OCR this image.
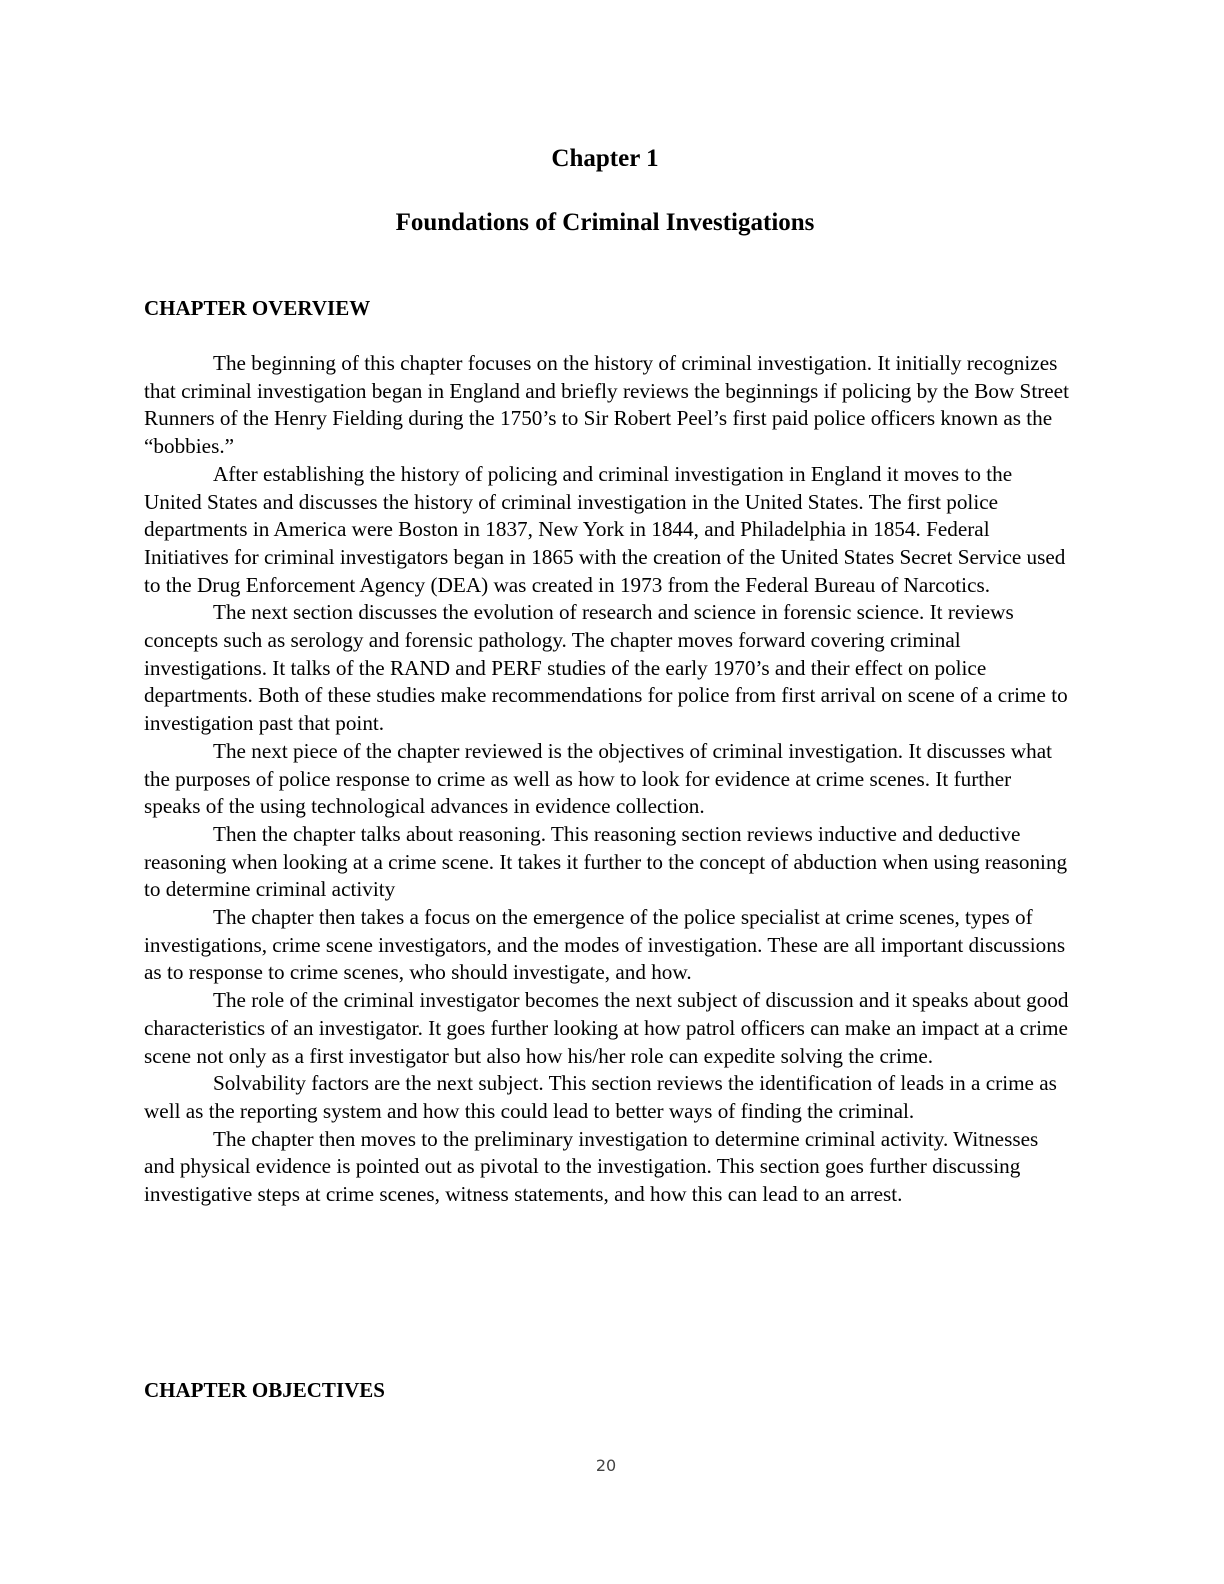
Chapter 1
Foundations of Criminal Investigations
CHAPTER OVERVIEW

The beginning of this chapter focuses on the history of criminal investigation. It initially recognizes that criminal investigation began in England and briefly reviews the beginnings if policing by the Bow Street Runners of the Henry Fielding during the 1750’s to Sir Robert Peel’s first paid police officers known as the “bobbies.”

After establishing the history of policing and criminal investigation in England it moves to the United States and discusses the history of criminal investigation in the United States. The first police departments in America were Boston in 1837, New York in 1844, and Philadelphia in 1854. Federal Initiatives for criminal investigators began in 1865 with the creation of the United States Secret Service used to the Drug Enforcement Agency (DEA) was created in 1973 from the Federal Bureau of Narcotics.

The next section discusses the evolution of research and science in forensic science. It reviews concepts such as serology and forensic pathology. The chapter moves forward covering criminal investigations. It talks of the RAND and PERF studies of the early 1970’s and their effect on police departments. Both of these studies make recommendations for police from first arrival on scene of a crime to investigation past that point.

The next piece of the chapter reviewed is the objectives of criminal investigation. It discusses what the purposes of police response to crime as well as how to look for evidence at crime scenes. It further speaks of the using technological advances in evidence collection.

Then the chapter talks about reasoning. This reasoning section reviews inductive and deductive reasoning when looking at a crime scene. It takes it further to the concept of abduction when using reasoning to determine criminal activity

The chapter then takes a focus on the emergence of the police specialist at crime scenes, types of investigations, crime scene investigators, and the modes of investigation. These are all important discussions as to response to crime scenes, who should investigate, and how.

The role of the criminal investigator becomes the next subject of discussion and it speaks about good characteristics of an investigator. It goes further looking at how patrol officers can make an impact at a crime scene not only as a first investigator but also how his/her role can expedite solving the crime.

Solvability factors are the next subject. This section reviews the identification of leads in a crime as well as the reporting system and how this could lead to better ways of finding the criminal.

The chapter then moves to the preliminary investigation to determine criminal activity. Witnesses and physical evidence is pointed out as pivotal to the investigation. This section goes further discussing investigative steps at crime scenes, witness statements, and how this can lead to an arrest.

CHAPTER OBJECTIVES
20
